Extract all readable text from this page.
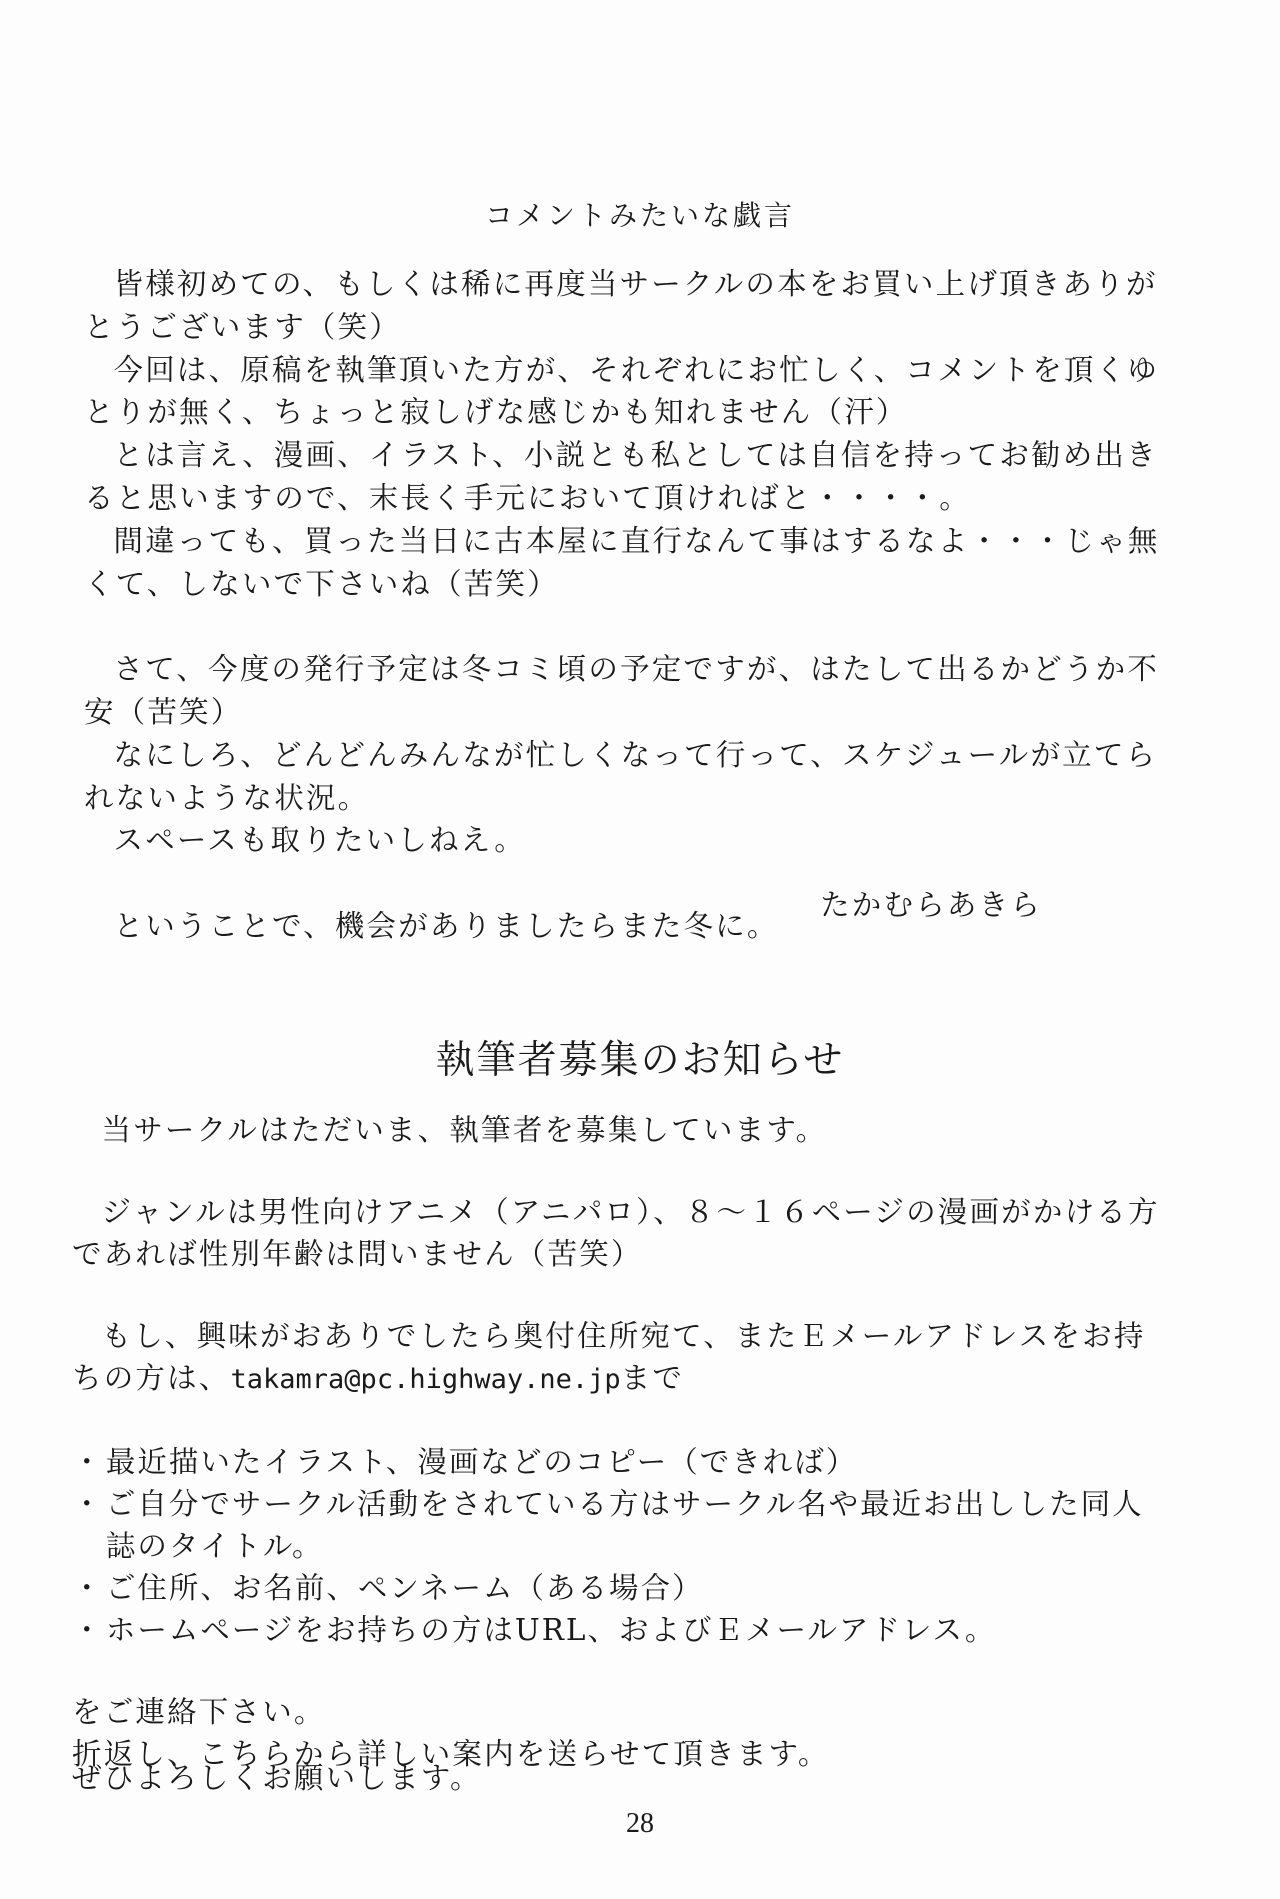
コメントみたいな戯言

皆様初めての、もしくは稀に再度当サークルの本をお買い上げ頂きありがとうございます（笑）

今回は、原稿を執筆頂いた方が、それぞれにお忙しく、コメントを頂くゆとりが無く、ちょっと寂しげな感じかも知れません（汗）

とは言え、漫画、イラスト、小説とも私としては自信を持ってお勧め出きると思いますので、末長く手元において頂ければと・・・・。

間違っても、買った当日に古本屋に直行なんて事はするなよ・・・じゃ無くて、しないで下さいね（苦笑）

さて、今度の発行予定は冬コミ頃の予定ですが、はたして出るかどうか不安（苦笑）

なにしろ、どんどんみんなが忙しくなって行って、スケジュールが立てられないような状況。

スペースも取りたいしねえ。

ということで、機会がありましたらまた冬に。

たかむらあきら
執筆者募集のお知らせ

当サークルはただいま、執筆者を募集しています。

ジャンルは男性向けアニメ（アニパロ）、８～１６ページの漫画がかける方であれば性別年齢は問いません（苦笑）

もし、興味がおありでしたら奥付住所宛て、またＥメールアドレスをお持ちの方は、takamra@pc.highway.ne.jpまで

・最近描いたイラスト、漫画などのコピー（できれば）
・ご自分でサークル活動をされている方はサークル名や最近お出しした同人誌のタイトル。
・ご住所、お名前、ペンネーム（ある場合）
・ホームページをお持ちの方はURL、およびＥメールアドレス。

をご連絡下さい。

折返し、こちらから詳しい案内を送らせて頂きます。

ぜひよろしくお願いします。
28
